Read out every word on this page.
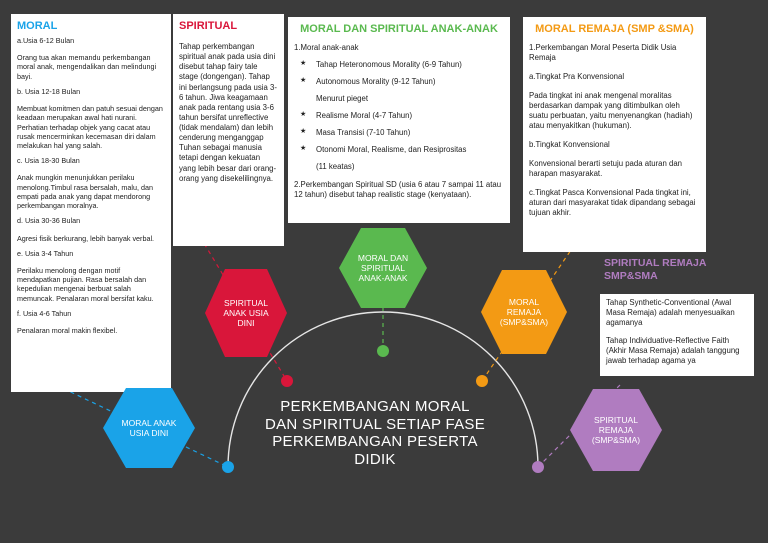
MORAL

a.Usia 6-12 Bulan

Orang tua akan memandu perkembangan moral anak, mengendalikan dan melindungi bayi.

b. Usia 12-18 Bulan

Membuat komitmen dan patuh sesuai dengan keadaan merupakan awal hati nurani. Perhatian terhadap objek yang cacat atau rusak mencerminkan kecemasan diri dalam melakukan hal yang salah.

c. Usia 18-30 Bulan

Anak mungkin menunjukkan perilaku menolong.Timbul rasa bersalah, malu, dan empati pada anak yang dapat mendorong perkembangan moralnya.

d. Usia 30-36 Bulan

Agresi fisik berkurang, lebih banyak verbal.

e. Usia 3-4 Tahun

Perilaku menolong dengan motif mendapatkan pujian. Rasa bersalah dan kepedulian mengenai berbuat salah memuncak. Penalaran moral bersifat kaku.

f. Usia 4-6 Tahun

Penalaran moral makin flexibel.

SPIRITUAL
Tahap perkembangan spiritual anak pada usia dini disebut tahap fairy tale stage (dongengan). Tahap ini berlangsung pada usia 3-6 tahun. Jiwa keagamaan anak pada rentang usia 3-6 tahun bersifat unreflective (tidak mendalam) dan lebih cenderung menganggap Tuhan sebagai manusia tetapi dengan kekuatan yang lebih besar dari orang-orang yang disekelilingnya.
MORAL DAN SPIRITUAL ANAK-ANAK
1.Moral anak-anak
★ Tahap Heteronomous Morality (6-9 Tahun)
★ Autonomous Morality (9-12 Tahun)
Menurut pieget
★ Realisme Moral (4-7 Tahun)
★ Masa Transisi (7-10 Tahun)
★ Otonomi Moral, Realisme, dan Resiprositas
(11 keatas)
2.Perkembangan Spiritual SD (usia 6 atau 7 sampai 11 atau 12 tahun) disebut tahap realistic stage (kenyataan).
MORAL REMAJA (SMP &SMA)

1.Perkembangan Moral Peserta Didik Usia Remaja

a.Tingkat Pra Konvensional

Pada tingkat ini anak mengenal moralitas berdasarkan dampak yang ditimbulkan oleh suatu perbuatan, yaitu menyenangkan (hadiah) atau menyakitkan (hukuman).

b.Tingkat Konvensional

Konvensional berarti setuju pada aturan dan harapan masyarakat.

c.Tingkat Pasca Konvensional Pada tingkat ini, aturan dari masyarakat tidak dipandang sebagai tujuan akhir.
SPIRITUAL REMAJA SMP&SMA

Tahap Synthetic-Conventional (Awal Masa Remaja) adalah menyesuaikan agamanya

Tahap Individuative-Reflective Faith (Akhir Masa Remaja) adalah tanggung jawab terhadap agama ya

MORAL ANAK USIA DINI
SPIRITUAL ANAK USIA DINI
MORAL DAN SPIRITUAL ANAK-ANAK
MORAL REMAJA (SMP&SMA)
SPIRITUAL REMAJA (SMP&SMA)
PERKEMBANGAN MORAL DAN SPIRITUAL SETIAP FASE PERKEMBANGAN PESERTA DIDIK
